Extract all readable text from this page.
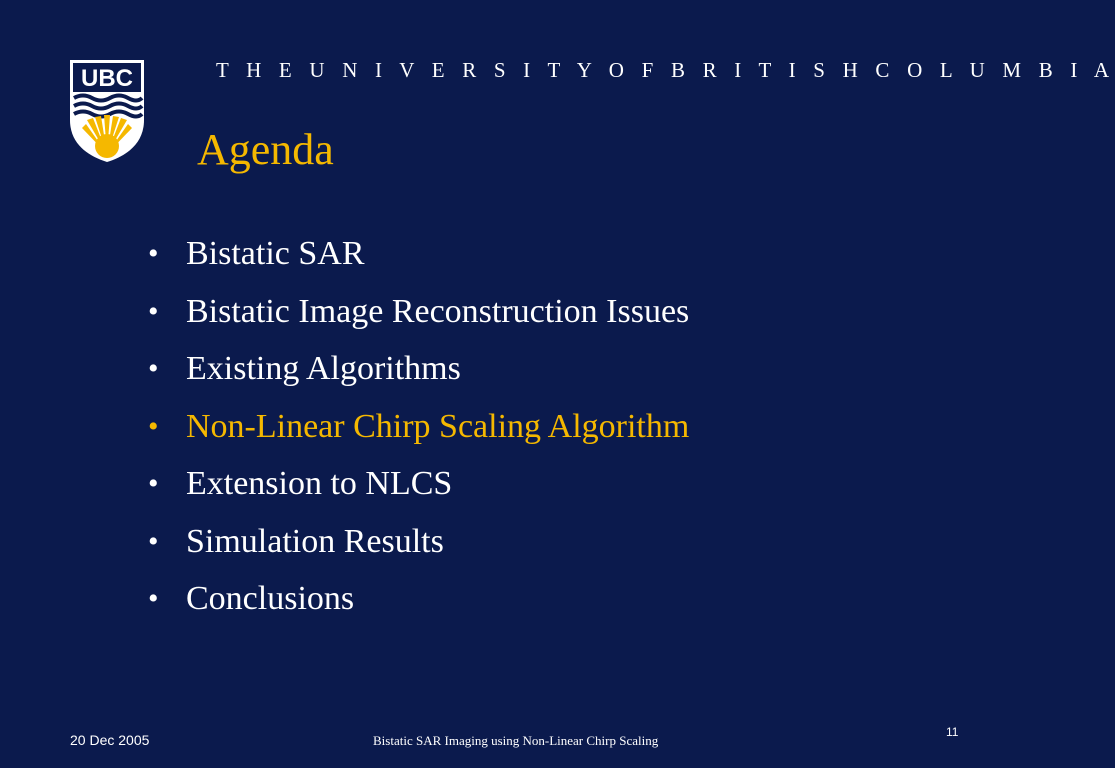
UBC	T H E U N I V E R S I T Y O F B R I T I S H C O L U M B I A
Agenda
• Bistatic SAR
• Bistatic Image Reconstruction Issues
• Existing Algorithms
• Non-Linear Chirp Scaling Algorithm
• Extension to NLCS
• Simulation Results
• Conclusions
20 Dec 2005	Bistatic SAR Imaging using Non-Linear Chirp Scaling
11
